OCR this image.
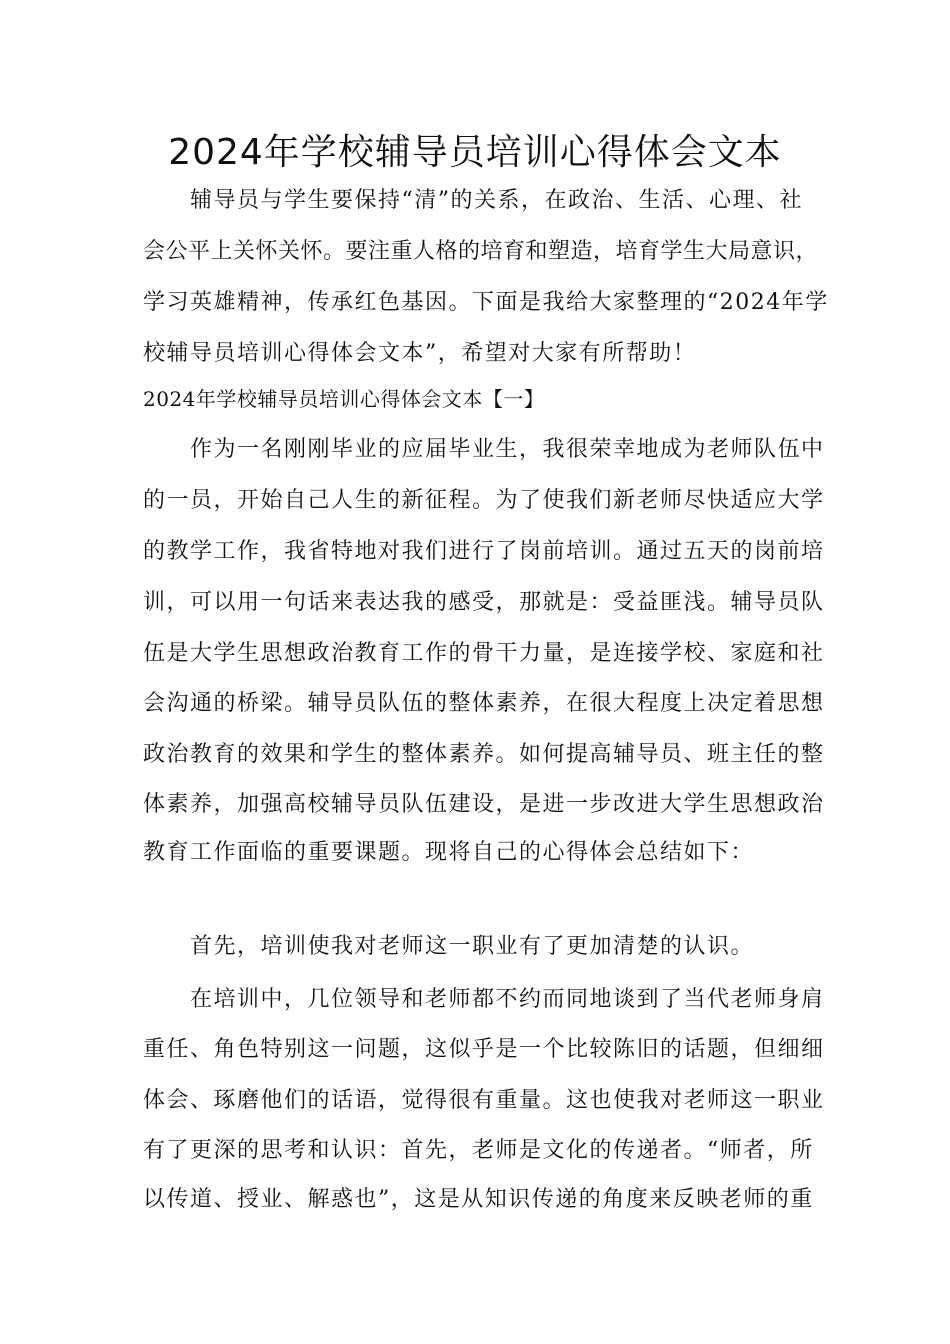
2024年学校辅导员培训心得体会文本
辅导员与学生要保持“清”的关系，在政治、生活、心理、社
会公平上关怀关怀。要注重人格的培育和塑造，培育学生大局意识，
学习英雄精神，传承红色基因。下面是我给大家整理的“2024年学
校辅导员培训心得体会文本”，希望对大家有所帮助！
2024年学校辅导员培训心得体会文本【一】
作为一名刚刚毕业的应届毕业生，我很荣幸地成为老师队伍中
的一员，开始自己人生的新征程。为了使我们新老师尽快适应大学
的教学工作，我省特地对我们进行了岗前培训。通过五天的岗前培
训，可以用一句话来表达我的感受，那就是：受益匪浅。辅导员队
伍是大学生思想政治教育工作的骨干力量，是连接学校、家庭和社
会沟通的桥梁。辅导员队伍的整体素养，在很大程度上决定着思想
政治教育的效果和学生的整体素养。如何提高辅导员、班主任的整
体素养，加强高校辅导员队伍建设，是进一步改进大学生思想政治
教育工作面临的重要课题。现将自己的心得体会总结如下：
首先，培训使我对老师这一职业有了更加清楚的认识。
在培训中，几位领导和老师都不约而同地谈到了当代老师身肩
重任、角色特别这一问题，这似乎是一个比较陈旧的话题，但细细
体会、琢磨他们的话语，觉得很有重量。这也使我对老师这一职业
有了更深的思考和认识：首先，老师是文化的传递者。“师者，所
以传道、授业、解惑也”，这是从知识传递的角度来反映老师的重
